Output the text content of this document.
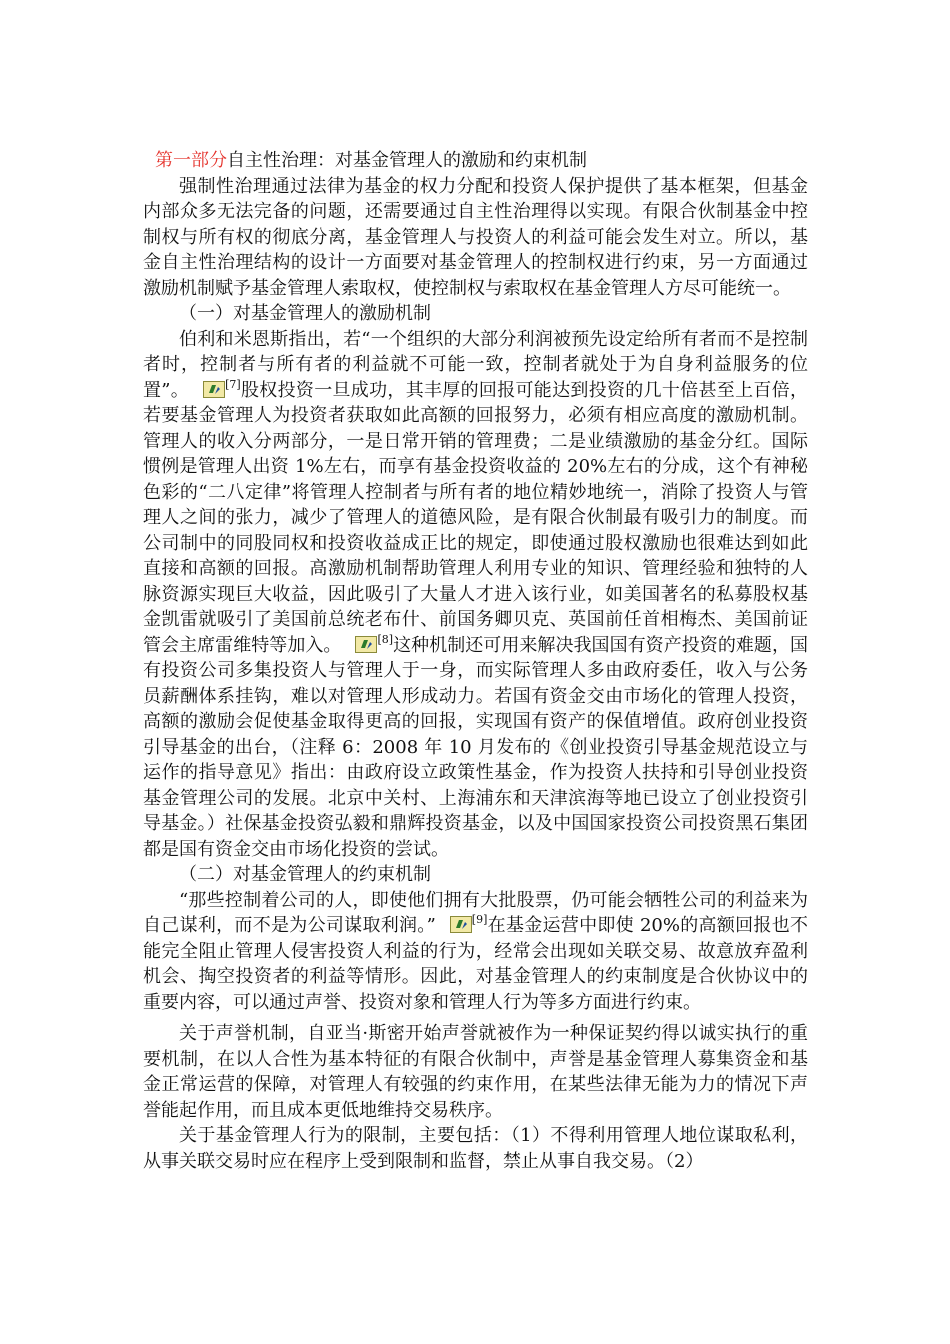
第一部分自主性治理：对基金管理人的激励和约束机制

强制性治理通过法律为基金的权力分配和投资人保护提供了基本框架，但基金内部众多无法完备的问题，还需要通过自主性治理得以实现。有限合伙制基金中控制权与所有权的彻底分离，基金管理人与投资人的利益可能会发生对立。所以，基金自主性治理结构的设计一方面要对基金管理人的控制权进行约束，另一方面通过激励机制赋予基金管理人索取权，使控制权与索取权在基金管理人方尽可能统一。

（一）对基金管理人的激励机制

伯利和米恩斯指出，若“一个组织的大部分利润被预先设定给所有者而不是控制者时，控制者与所有者的利益就不可能一致，控制者就处于为自身利益服务的位置”。	[7]股权投资一旦成功，其丰厚的回报可能达到投资的几十倍甚至上百倍，若要基金管理人为投资者获取如此高额的回报努力，必须有相应高度的激励机制。管理人的收入分两部分，一是日常开销的管理费；二是业绩激励的基金分红。国际惯例是管理人出资 1%左右，而享有基金投资收益的 20%左右的分成，这个有神秘色彩的“二八定律”将管理人控制者与所有者的地位精妙地统一，消除了投资人与管理人之间的张力，减少了管理人的道德风险，是有限合伙制最有吸引力的制度。而公司制中的同股同权和投资收益成正比的规定，即使通过股权激励也很难达到如此直接和高额的回报。高激励机制帮助管理人利用专业的知识、管理经验和独特的人脉资源实现巨大收益，因此吸引了大量人才进入该行业，如美国著名的私募股权基金凯雷就吸引了美国前总统老布什、前国务卿贝克、英国前任首相梅杰、美国前证管会主席雷维特等加入。	[8]这种机制还可用来解决我国国有资产投资的难题，国有投资公司多集投资人与管理人于一身，而实际管理人多由政府委任，收入与公务员薪酬体系挂钩，难以对管理人形成动力。若国有资金交由市场化的管理人投资，高额的激励会促使基金取得更高的回报，实现国有资产的保值增值。政府创业投资引导基金的出台，（注释 6：2008 年 10 月发布的《创业投资引导基金规范设立与运作的指导意见》指出：由政府设立政策性基金，作为投资人扶持和引导创业投资基金管理公司的发展。北京中关村、上海浦东和天津滨海等地已设立了创业投资引导基金。）社保基金投资弘毅和鼎辉投资基金，以及中国国家投资公司投资黑石集团都是国有资金交由市场化投资的尝试。

（二）对基金管理人的约束机制

“那些控制着公司的人，即使他们拥有大批股票，仍可能会牺牲公司的利益来为自己谋利，而不是为公司谋取利润。”	[9]在基金运营中即使 20%的高额回报也不能完全阻止管理人侵害投资人利益的行为，经常会出现如关联交易、故意放弃盈利机会、掏空投资者的利益等情形。因此，对基金管理人的约束制度是合伙协议中的重要内容，可以通过声誉、投资对象和管理人行为等多方面进行约束。

关于声誉机制，自亚当·斯密开始声誉就被作为一种保证契约得以诚实执行的重要机制，在以人合性为基本特征的有限合伙制中，声誉是基金管理人募集资金和基金正常运营的保障，对管理人有较强的约束作用，在某些法律无能为力的情况下声誉能起作用，而且成本更低地维持交易秩序。

关于基金管理人行为的限制，主要包括：（1）不得利用管理人地位谋取私利，从事关联交易时应在程序上受到限制和监督，禁止从事自我交易。（2）
